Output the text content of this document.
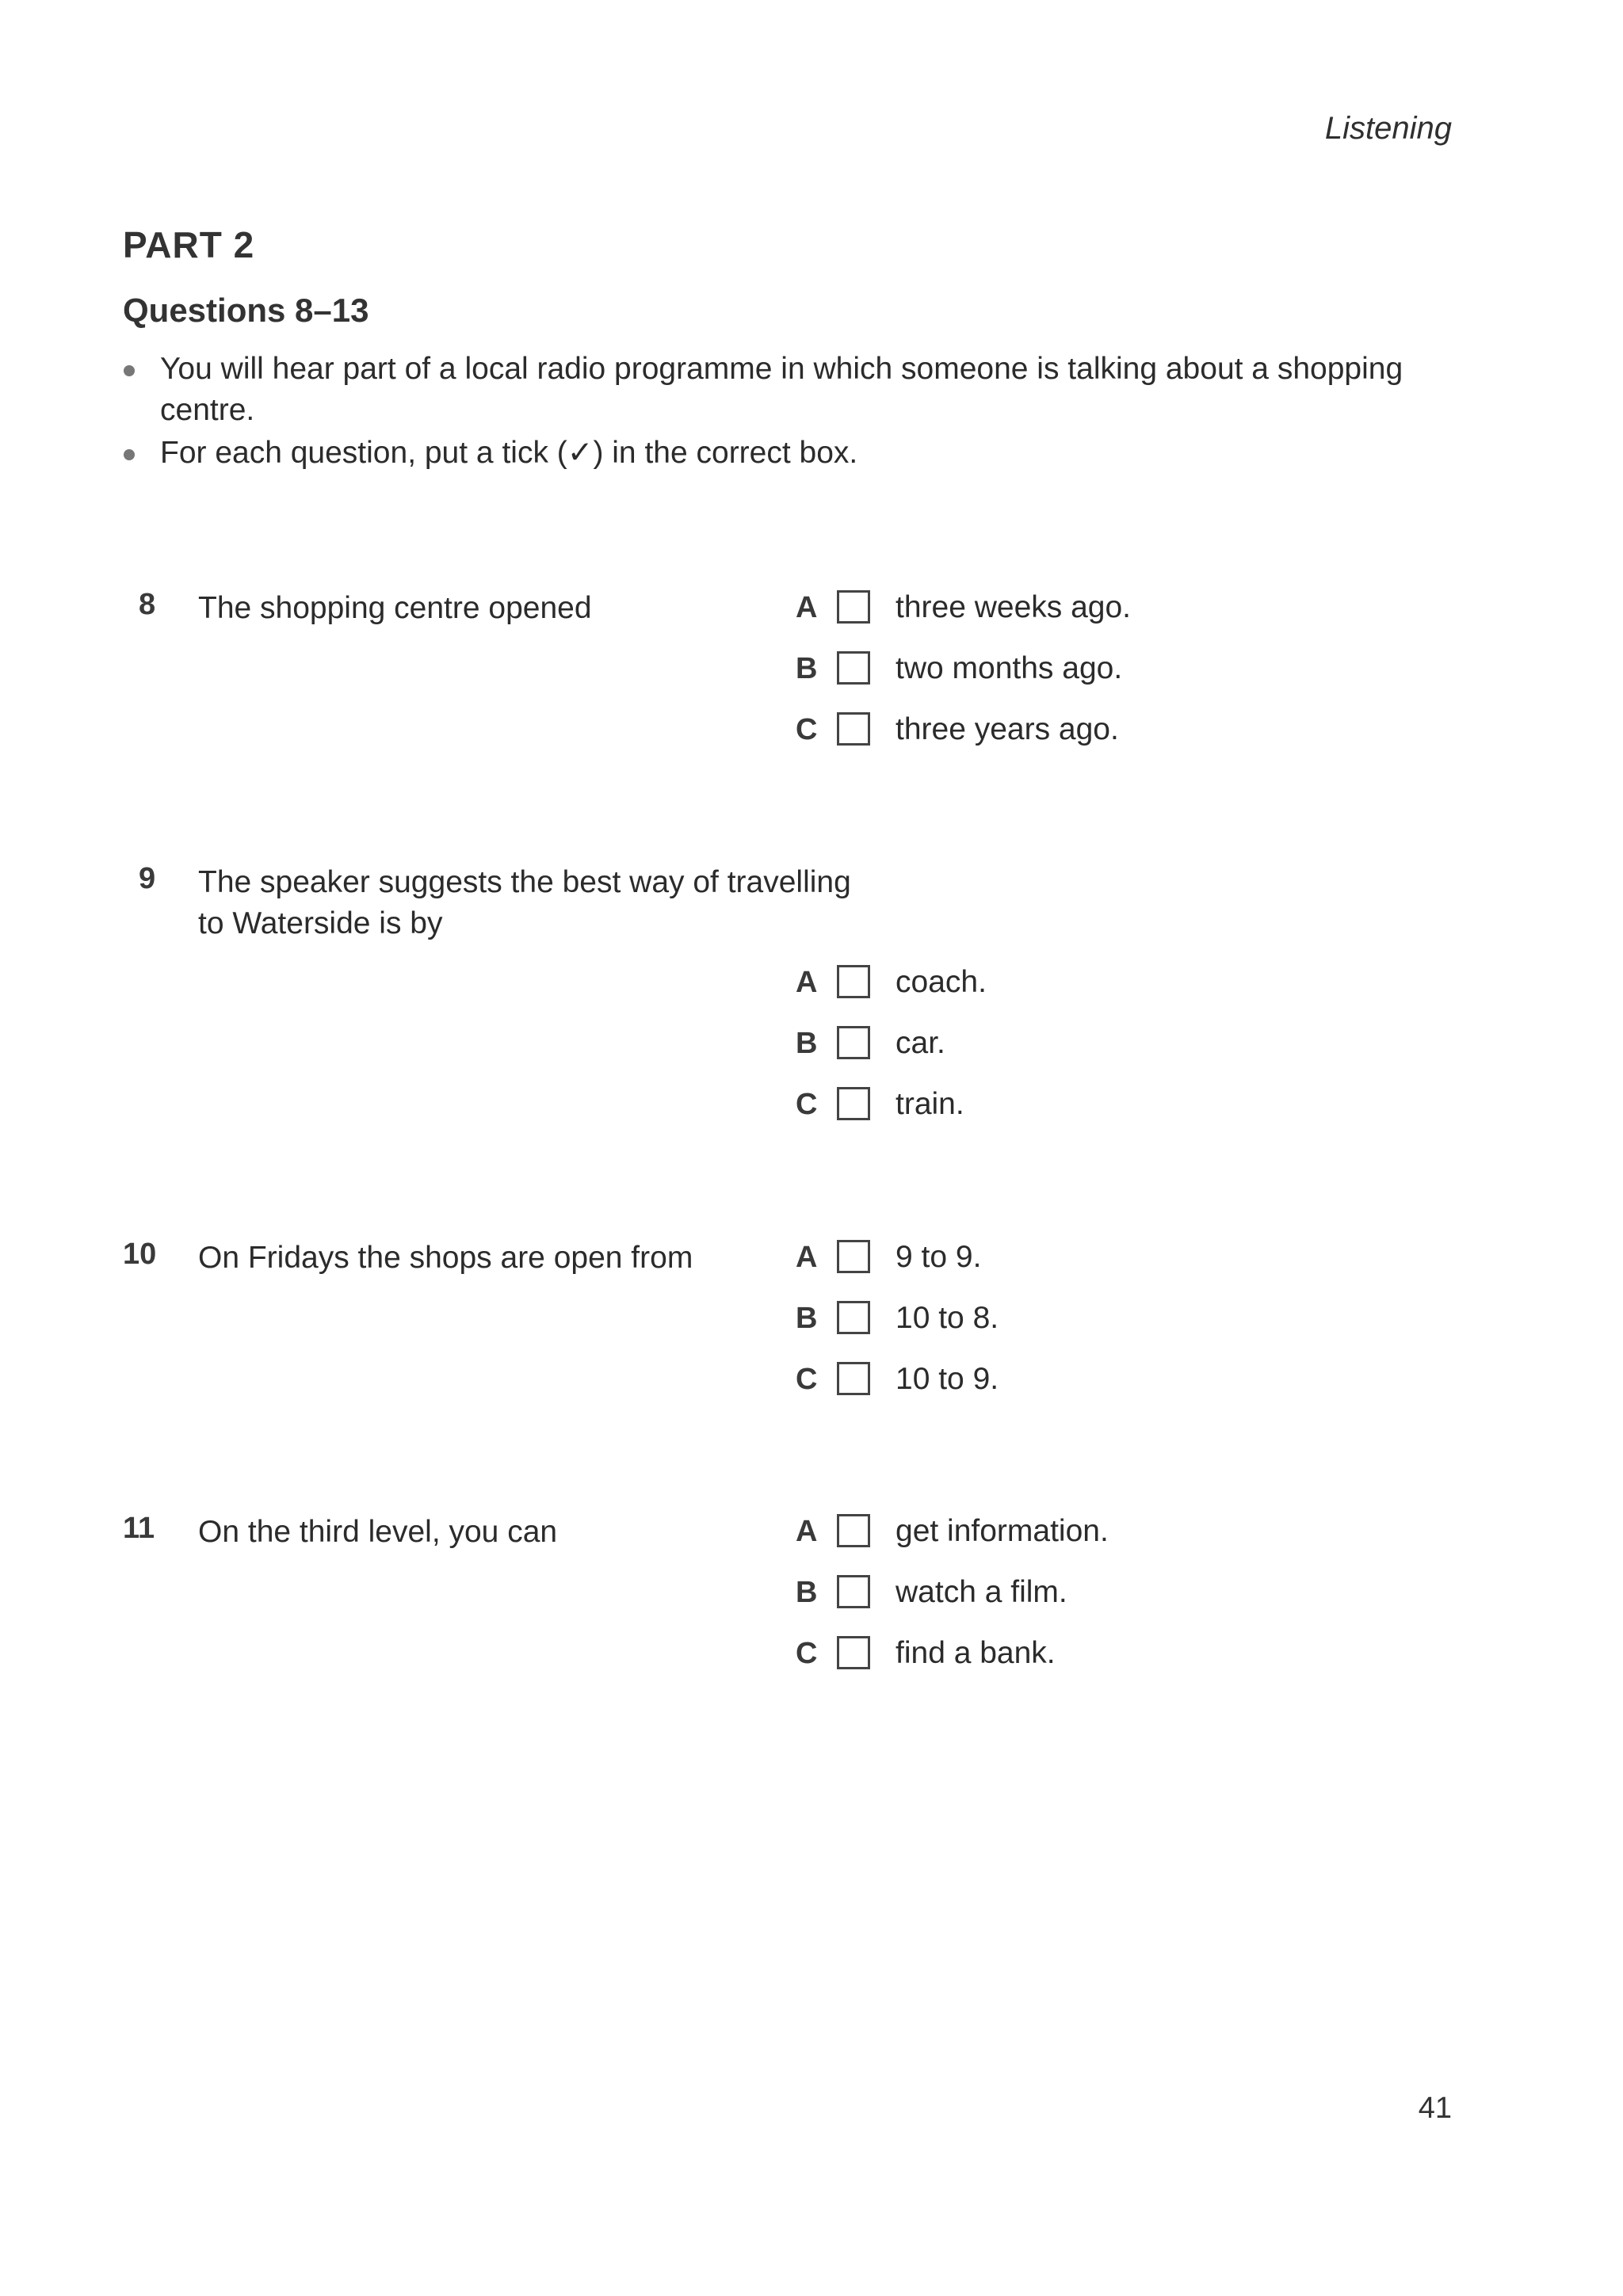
Listening
PART 2
Questions 8–13
You will hear part of a local radio programme in which someone is talking about a shopping centre.
For each question, put a tick (✓) in the correct box.
8 The shopping centre opened	A	three weeks ago.
B	two months ago.
C	three years ago.
9 The speaker suggests the best way of travelling to Waterside is by
A	coach.
B	car.
C	train.
10 On Fridays the shops are open from	A	9 to 9.
B	10 to 8.
C	10 to 9.
11 On the third level, you can	A	get information.
B	watch a film.
C	find a bank.
41
